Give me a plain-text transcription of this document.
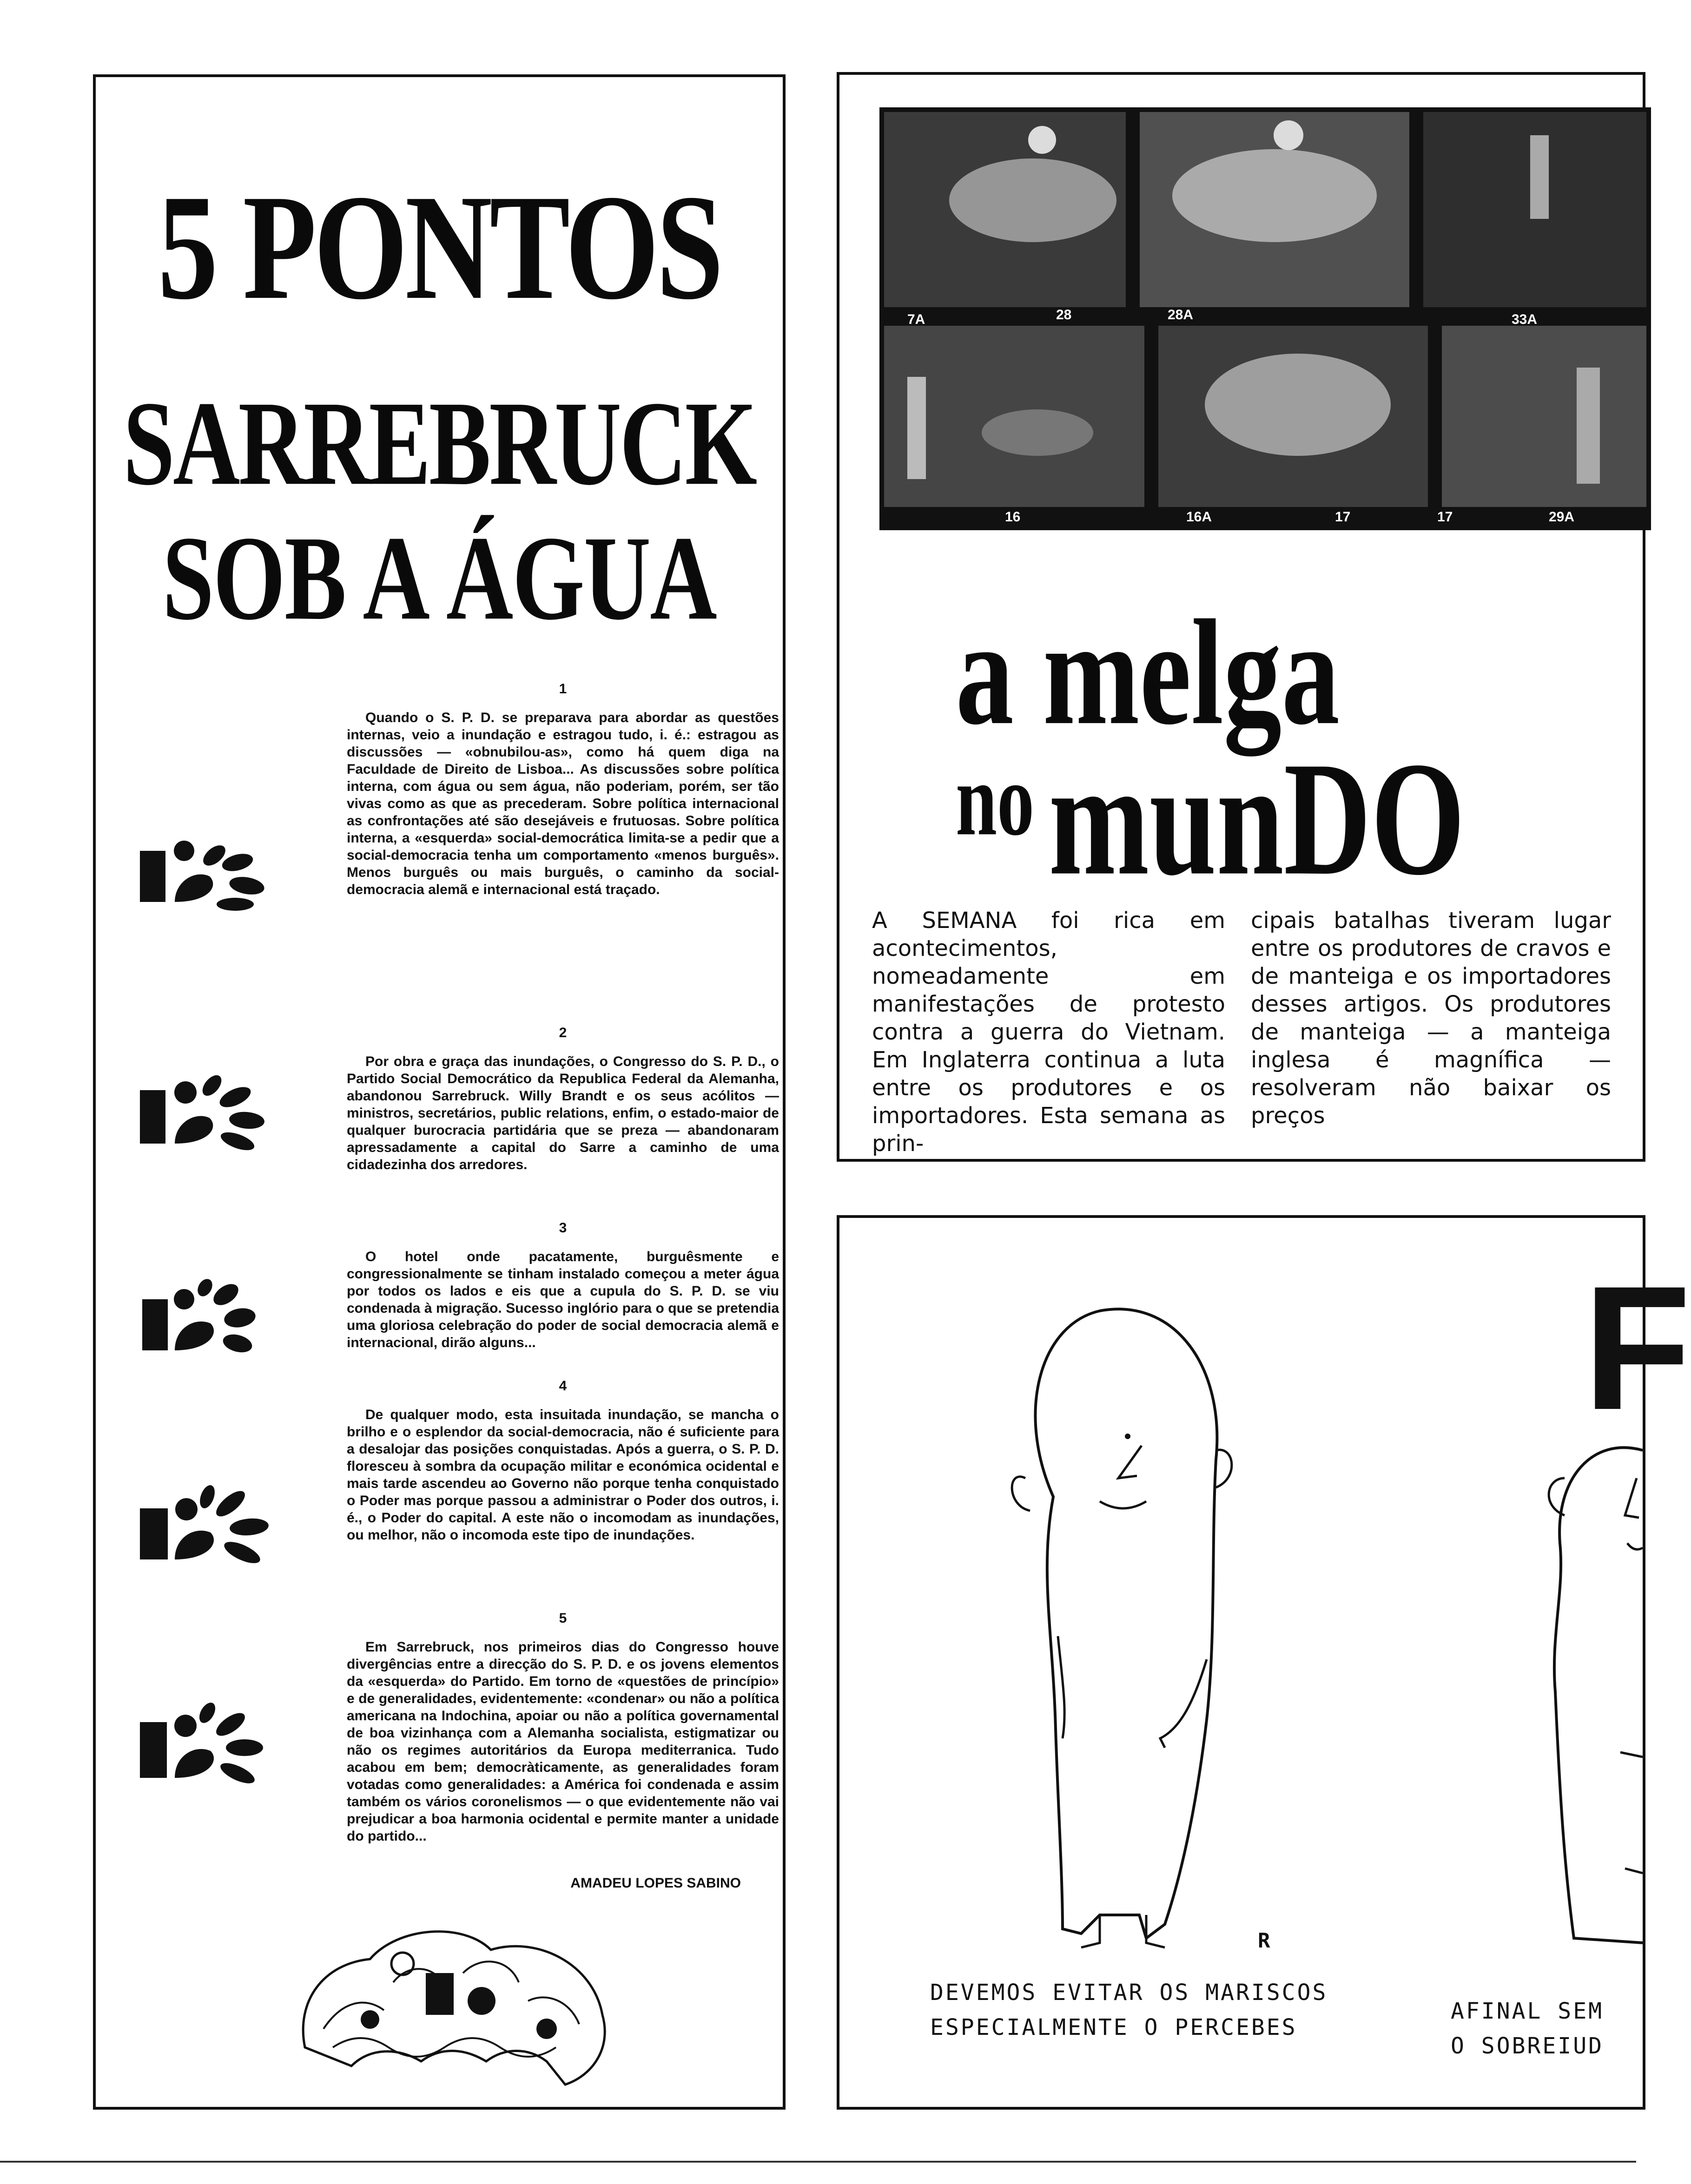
5 PONTOS
SARREBRUCK
SOB A ÁGUA
1

Quando o S. P. D. se preparava para abordar as questões internas, veio a inundação e estragou tudo, i. é.: estragou as discussões — «obnubilou-as», como há quem diga na Faculdade de Direito de Lisboa... As discussões sobre política interna, com água ou sem água, não poderiam, porém, ser tão vivas como as que as precederam. Sobre política internacional as confrontações até são desejáveis e frutuosas. Sobre política interna, a «esquerda» social-democrática limita-se a pedir que a social-democracia tenha um comportamento «menos burguês». Menos burguês ou mais burguês, o caminho da social-democracia alemã e internacional está traçado.

2

Por obra e graça das inundações, o Congresso do S. P. D., o Partido Social Democrático da Republica Federal da Alemanha, abandonou Sarrebruck. Willy Brandt e os seus acólitos — ministros, secretários, public relations, enfim, o estado-maior de qualquer burocracia partidária que se preza — abandonaram apressadamente a capital do Sarre a caminho de uma cidadezinha dos arredores.

3

O hotel onde pacatamente, burguêsmente e congressionalmente se tinham instalado começou a meter água por todos os lados e eis que a cupula do S. P. D. se viu condenada à migração. Sucesso inglório para o que se pretendia uma gloriosa celebração do poder de social democracia alemã e internacional, dirão alguns...

4

De qualquer modo, esta insuitada inundação, se mancha o brilho e o esplendor da social-democracia, não é suficiente para a desalojar das posições conquistadas. Após a guerra, o S. P. D. floresceu à sombra da ocupação militar e económica ocidental e mais tarde ascendeu ao Governo não porque tenha conquistado o Poder mas porque passou a administrar o Poder dos outros, i. é., o Poder do capital. A este não o incomodam as inundações, ou melhor, não o incomoda este tipo de inundações.

5

Em Sarrebruck, nos primeiros dias do Congresso houve divergências entre a direcção do S. P. D. e os jovens elementos da «esquerda» do Partido. Em torno de «questões de princípio» e de generalidades, evidentemente: «condenar» ou não a política americana na Indochina, apoiar ou não a política governamental de boa vizinhança com a Alemanha socialista, estigmatizar ou não os regimes autoritários da Europa mediterranica. Tudo acabou em bem; democràticamente, as generalidades foram votadas como generalidades: a América foi condenada e assim também os vários coronelismos — o que evidentemente não vai prejudicar a boa harmonia ocidental e permite manter a unidade do partido...

AMADEU LOPES SABINO
7A	28	28A	33A
16	16A	17	17	29A
a melga
no munDO

A SEMANA foi rica em acontecimentos, nomeadamente em manifestações de protesto contra a guerra do Vietnam. Em Inglaterra continua a luta entre os produtores e os importadores. Esta semana as prin-

cipais batalhas tiveram lugar entre os produtores de cravos e de manteiga e os importadores desses artigos. Os produtores de manteiga — a manteiga inglesa é magnífica — resolveram não baixar os preços

F
R

DEVEMOS EVITAR OS MARISCOS
ESPECIALMENTE O PERCEBES

AFINAL SEM
O SOBREIUD
